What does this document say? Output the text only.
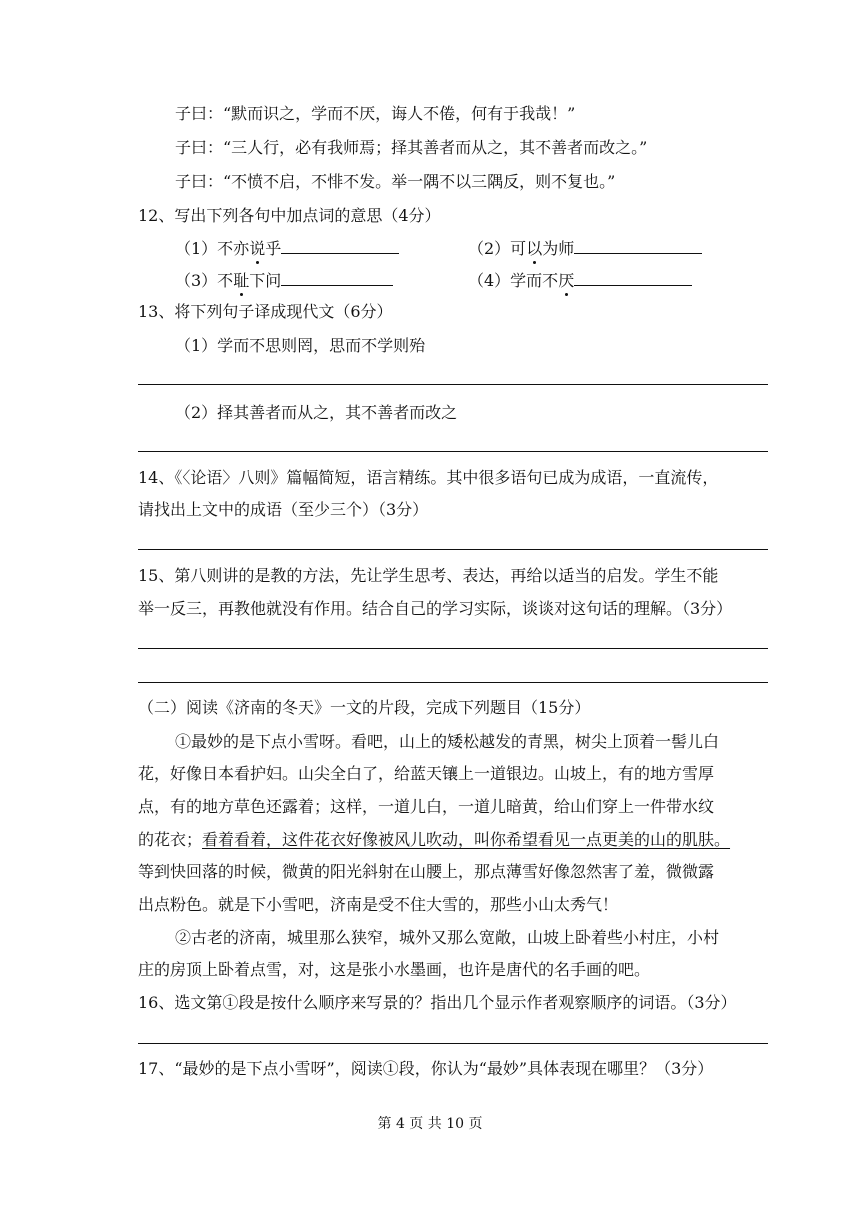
子曰：“默而识之，学而不厌，诲人不倦，何有于我哉！”
子曰：“三人行，必有我师焉；择其善者而从之，其不善者而改之。”
子曰：“不愤不启，不悱不发。举一隅不以三隅反，则不复也。”
12、写出下列各句中加点词的意思（4分）
（1）不亦说乎	（2）可以为师
（3）不耻下问	（4）学而不厌
13、将下列句子译成现代文（6分）
（1）学而不思则罔，思而不学则殆
（2）择其善者而从之，其不善者而改之
14、《〈论语〉八则》篇幅简短，语言精练。其中很多语句已成为成语，一直流传，
请找出上文中的成语（至少三个）（3分）
15、第八则讲的是教的方法，先让学生思考、表达，再给以适当的启发。学生不能
举一反三，再教他就没有作用。结合自己的学习实际，谈谈对这句话的理解。（3分）
（二）阅读《济南的冬天》一文的片段，完成下列题目（15分）
①最妙的是下点小雪呀。看吧，山上的矮松越发的青黑，树尖上顶着一髻儿白
花，好像日本看护妇。山尖全白了，给蓝天镶上一道银边。山坡上，有的地方雪厚
点，有的地方草色还露着；这样，一道儿白，一道儿暗黄，给山们穿上一件带水纹
的花衣；看着看着，这件花衣好像被风儿吹动，叫你希望看见一点更美的山的肌肤。
等到快回落的时候，微黄的阳光斜射在山腰上，那点薄雪好像忽然害了羞，微微露
出点粉色。就是下小雪吧，济南是受不住大雪的，那些小山太秀气！
②古老的济南，城里那么狭窄，城外又那么宽敞，山坡上卧着些小村庄，小村
庄的房顶上卧着点雪，对，这是张小水墨画，也许是唐代的名手画的吧。
16、选文第①段是按什么顺序来写景的？指出几个显示作者观察顺序的词语。（3分）
17、“最妙的是下点小雪呀”，阅读①段，你认为“最妙”具体表现在哪里？（3分）
第 4 页 共 10 页
